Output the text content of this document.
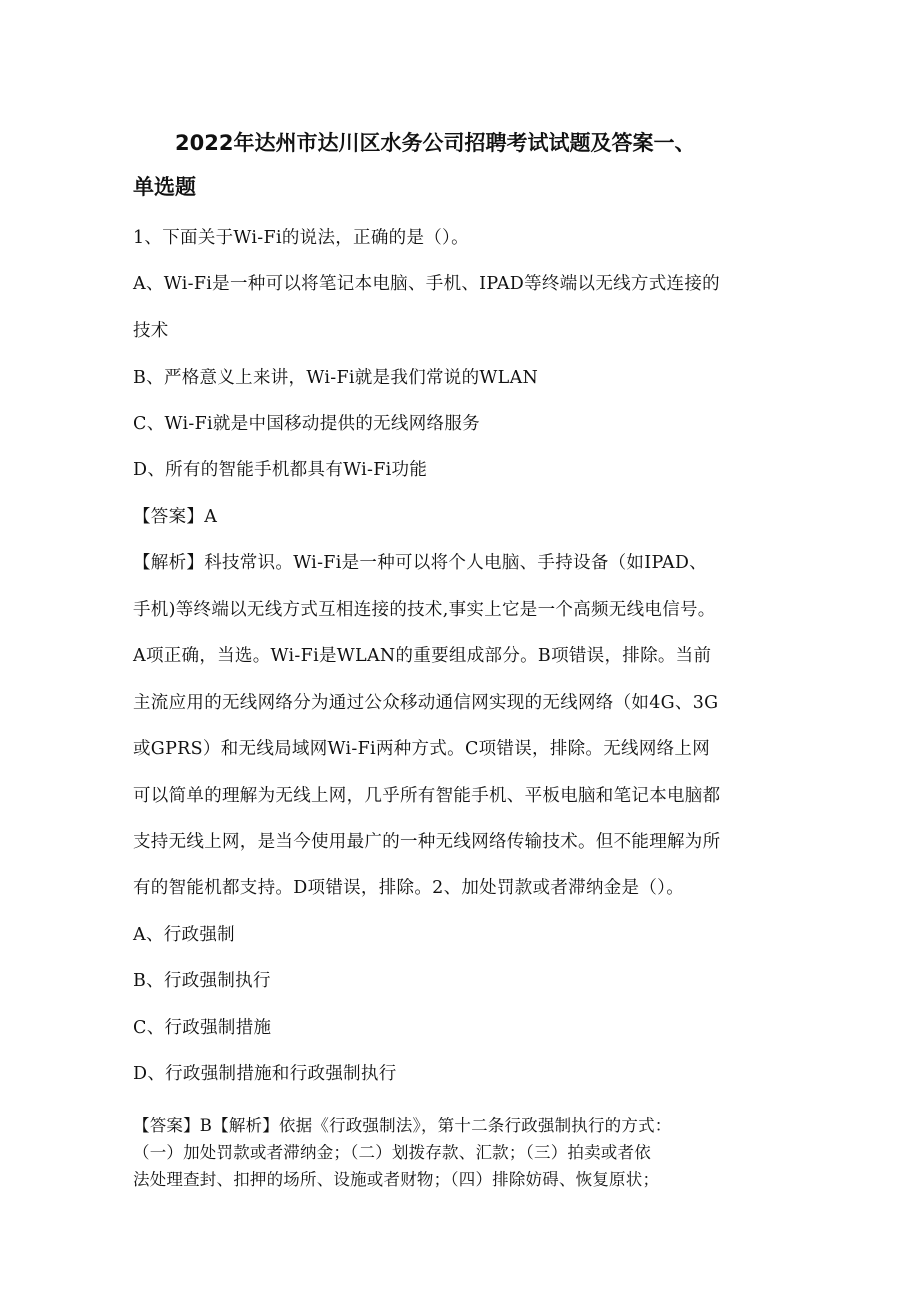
2022年达州市达川区水务公司招聘考试试题及答案一、
单选题

1、下面关于Wi-Fi的说法，正确的是（）。

A、Wi-Fi是一种可以将笔记本电脑、手机、IPAD等终端以无线方式连接的

技术

B、严格意义上来讲，Wi-Fi就是我们常说的WLAN

C、Wi-Fi就是中国移动提供的无线网络服务

D、所有的智能手机都具有Wi-Fi功能

【答案】A

【解析】科技常识。Wi-Fi是一种可以将个人电脑、手持设备（如IPAD、

手机)等终端以无线方式互相连接的技术,事实上它是一个高频无线电信号。

A项正确，当选。Wi-Fi是WLAN的重要组成部分。B项错误，排除。当前

主流应用的无线网络分为通过公众移动通信网实现的无线网络（如4G、3G

或GPRS）和无线局域网Wi-Fi两种方式。C项错误，排除。无线网络上网

可以简单的理解为无线上网，几乎所有智能手机、平板电脑和笔记本电脑都

支持无线上网，是当今使用最广的一种无线网络传输技术。但不能理解为所

有的智能机都支持。D项错误，排除。2、加处罚款或者滞纳金是（）。

A、行政强制

B、行政强制执行

C、行政强制措施

D、行政强制措施和行政强制执行

【答案】B【解析】依据《行政强制法》，第十二条行政强制执行的方式：

（一）加处罚款或者滞纳金；（二）划拨存款、汇款；（三）拍卖或者依

法处理查封、扣押的场所、设施或者财物；（四）排除妨碍、恢复原状；
